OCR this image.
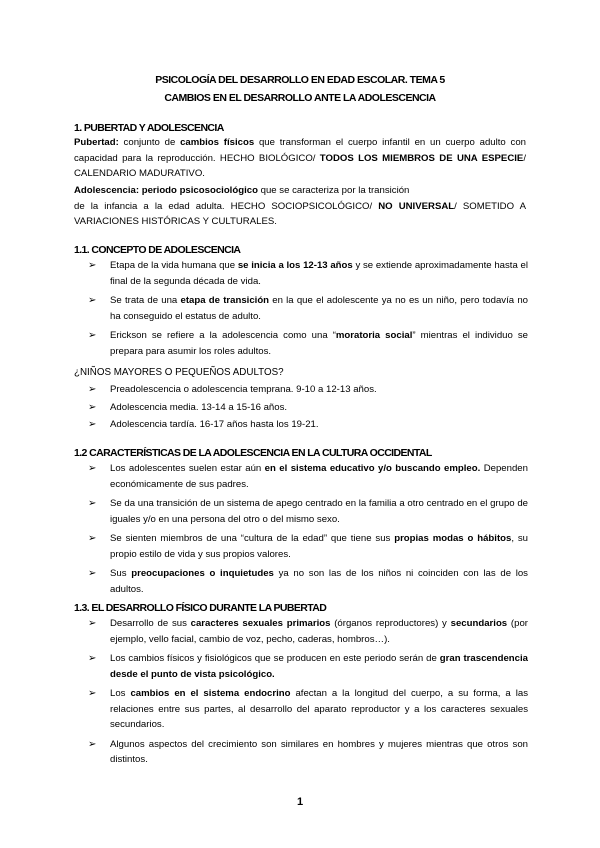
PSICOLOGÍA DEL DESARROLLO EN EDAD ESCOLAR. TEMA 5
CAMBIOS EN EL DESARROLLO ANTE LA ADOLESCENCIA
1. PUBERTAD Y ADOLESCENCIA
Pubertad: conjunto de cambios físicos que transforman el cuerpo infantil en un cuerpo adulto con capacidad para la reproducción. HECHO BIOLÓGICO/ TODOS LOS MIEMBROS DE UNA ESPECIE/ CALENDARIO MADURATIVO.
Adolescencia: periodo psicosociológico que se caracteriza por la transición
de la infancia a la edad adulta. HECHO SOCIOPSICOLÓGICO/ NO UNIVERSAL/ SOMETIDO A VARIACIONES HISTÓRICAS Y CULTURALES.
1.1. CONCEPTO DE ADOLESCENCIA
➢ Etapa de la vida humana que se inicia a los 12-13 años y se extiende aproximadamente hasta el final de la segunda década de vida.
➢ Se trata de una etapa de transición en la que el adolescente ya no es un niño, pero todavía no ha conseguido el estatus de adulto.
➢ Erickson se refiere a la adolescencia como una “moratoria social” mientras el individuo se prepara para asumir los roles adultos.
¿NIÑOS MAYORES O PEQUEÑOS ADULTOS?
➢ Preadolescencia o adolescencia temprana. 9-10 a 12-13 años.
➢ Adolescencia media. 13-14 a 15-16 años.
➢ Adolescencia tardía. 16-17 años hasta los 19-21.
1.2 CARACTERÍSTICAS DE LA ADOLESCENCIA EN LA CULTURA OCCIDENTAL
➢ Los adolescentes suelen estar aún en el sistema educativo y/o buscando empleo. Dependen económicamente de sus padres.
➢ Se da una transición de un sistema de apego centrado en la familia a otro centrado en el grupo de iguales y/o en una persona del otro o del mismo sexo.
➢ Se sienten miembros de una “cultura de la edad” que tiene sus propias modas o hábitos, su propio estilo de vida y sus propios valores.
➢ Sus preocupaciones o inquietudes ya no son las de los niños ni coinciden con las de los adultos.
1.3. EL DESARROLLO FÍSICO DURANTE LA PUBERTAD
➢ Desarrollo de sus caracteres sexuales primarios (órganos reproductores) y secundarios (por ejemplo, vello facial, cambio de voz, pecho, caderas, hombros…).
➢ Los cambios físicos y fisiológicos que se producen en este periodo serán de gran trascendencia desde el punto de vista psicológico.
➢ Los cambios en el sistema endocrino afectan a la longitud del cuerpo, a su forma, a las relaciones entre sus partes, al desarrollo del aparato reproductor y a los caracteres sexuales secundarios.
➢ Algunos aspectos del crecimiento son similares en hombres y mujeres mientras que otros son distintos.
1
